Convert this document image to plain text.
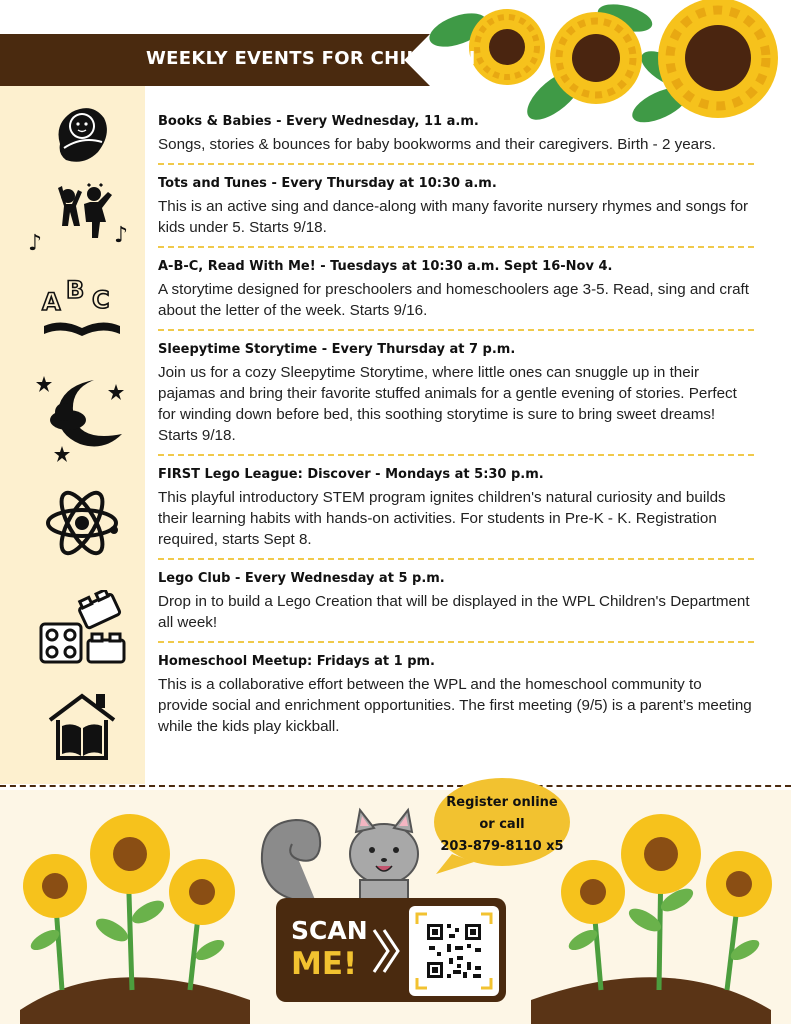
WEEKLY EVENTS FOR CHILDREN
♪	♪
A B C
Books & Babies - Every Wednesday, 11 a.m.
Songs, stories & bounces for baby bookworms and their caregivers. Birth - 2 years.
Tots and Tunes - Every Thursday at 10:30 a.m.
This is an active sing and dance-along with many favorite nursery rhymes and songs for kids under 5. Starts 9/18.
A-B-C, Read With Me! - Tuesdays at 10:30 a.m. Sept 16-Nov 4.
A storytime designed for preschoolers and homeschoolers age 3-5. Read, sing and craft about the letter of the week. Starts 9/16.
Sleepytime Storytime - Every Thursday at 7 p.m.
Join us for a cozy Sleepytime Storytime, where little ones can snuggle up in their pajamas and bring their favorite stuffed animals for a gentle evening of stories. Perfect for winding down before bed, this soothing storytime is sure to bring sweet dreams! Starts 9/18.
FIRST Lego League: Discover - Mondays at 5:30 p.m.
This playful introductory STEM program ignites children's natural curiosity and builds their learning habits with hands-on activities. For students in Pre-K - K. Registration required, starts Sept 8.
Lego Club - Every Wednesday at 5 p.m.
Drop in to build a Lego Creation that will be displayed in the WPL Children's Department all week!
Homeschool Meetup: Fridays at 1 pm.
This is a collaborative effort between the WPL and the homeschool community to provide social and enrichment opportunities. The first meeting (9/5) is a parent’s meeting while the kids play kickball.
Register online
or call
203-879-8110 x5
SCAN
ME!
